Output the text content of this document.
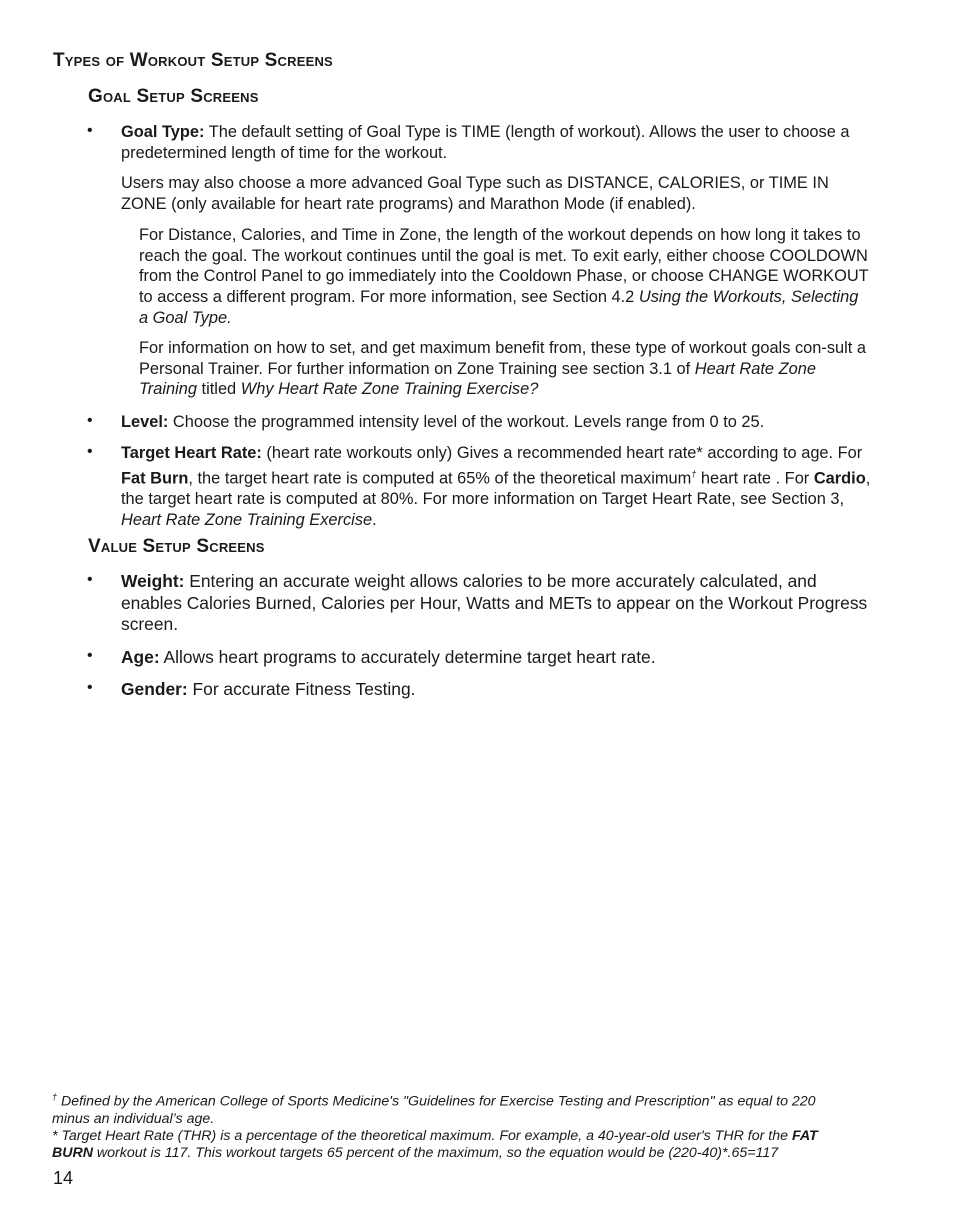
Types of Workout Setup Screens
Goal Setup Screens
• Goal Type: The default setting of Goal Type is TIME (length of workout). Allows the user to choose a predetermined length of time for the workout.

Users may also choose a more advanced Goal Type such as DISTANCE, CALORIES, or TIME IN ZONE (only available for heart rate programs) and Marathon Mode (if enabled).

For Distance, Calories, and Time in Zone, the length of the workout depends on how long it takes to reach the goal. The workout continues until the goal is met. To exit early, either choose COOLDOWN from the Control Panel to go immediately into the Cooldown Phase, or choose CHANGE WORKOUT to access a different program. For more information, see Section 4.2 Using the Workouts, Selecting a Goal Type.

For information on how to set, and get maximum benefit from, these type of workout goals con-sult a Personal Trainer. For further information on Zone Training see section 3.1 of Heart Rate Zone Training titled Why Heart Rate Zone Training Exercise?

• Level: Choose the programmed intensity level of the workout. Levels range from 0 to 25.

• Target Heart Rate: (heart rate workouts only) Gives a recommended heart rate* according to age. For Fat Burn, the target heart rate is computed at 65% of the theoretical maximum† heart rate . For Cardio, the target heart rate is computed at 80%. For more information on Target Heart Rate, see Section 3, Heart Rate Zone Training Exercise.

Value Setup Screens
• Weight: Entering an accurate weight allows calories to be more accurately calculated, and enables Calories Burned, Calories per Hour, Watts and METs to appear on the Workout Progress screen.

• Age: Allows heart programs to accurately determine target heart rate.

• Gender: For accurate Fitness Testing.

† Defined by the American College of Sports Medicine's "Guidelines for Exercise Testing and Prescription" as equal to 220 minus an individual’s age.

* Target Heart Rate (THR) is a percentage of the theoretical maximum. For example, a 40-year-old user's THR for the FAT BURN workout is 117. This workout targets 65 percent of the maximum, so the equation would be (220-40)*.65=117

14
